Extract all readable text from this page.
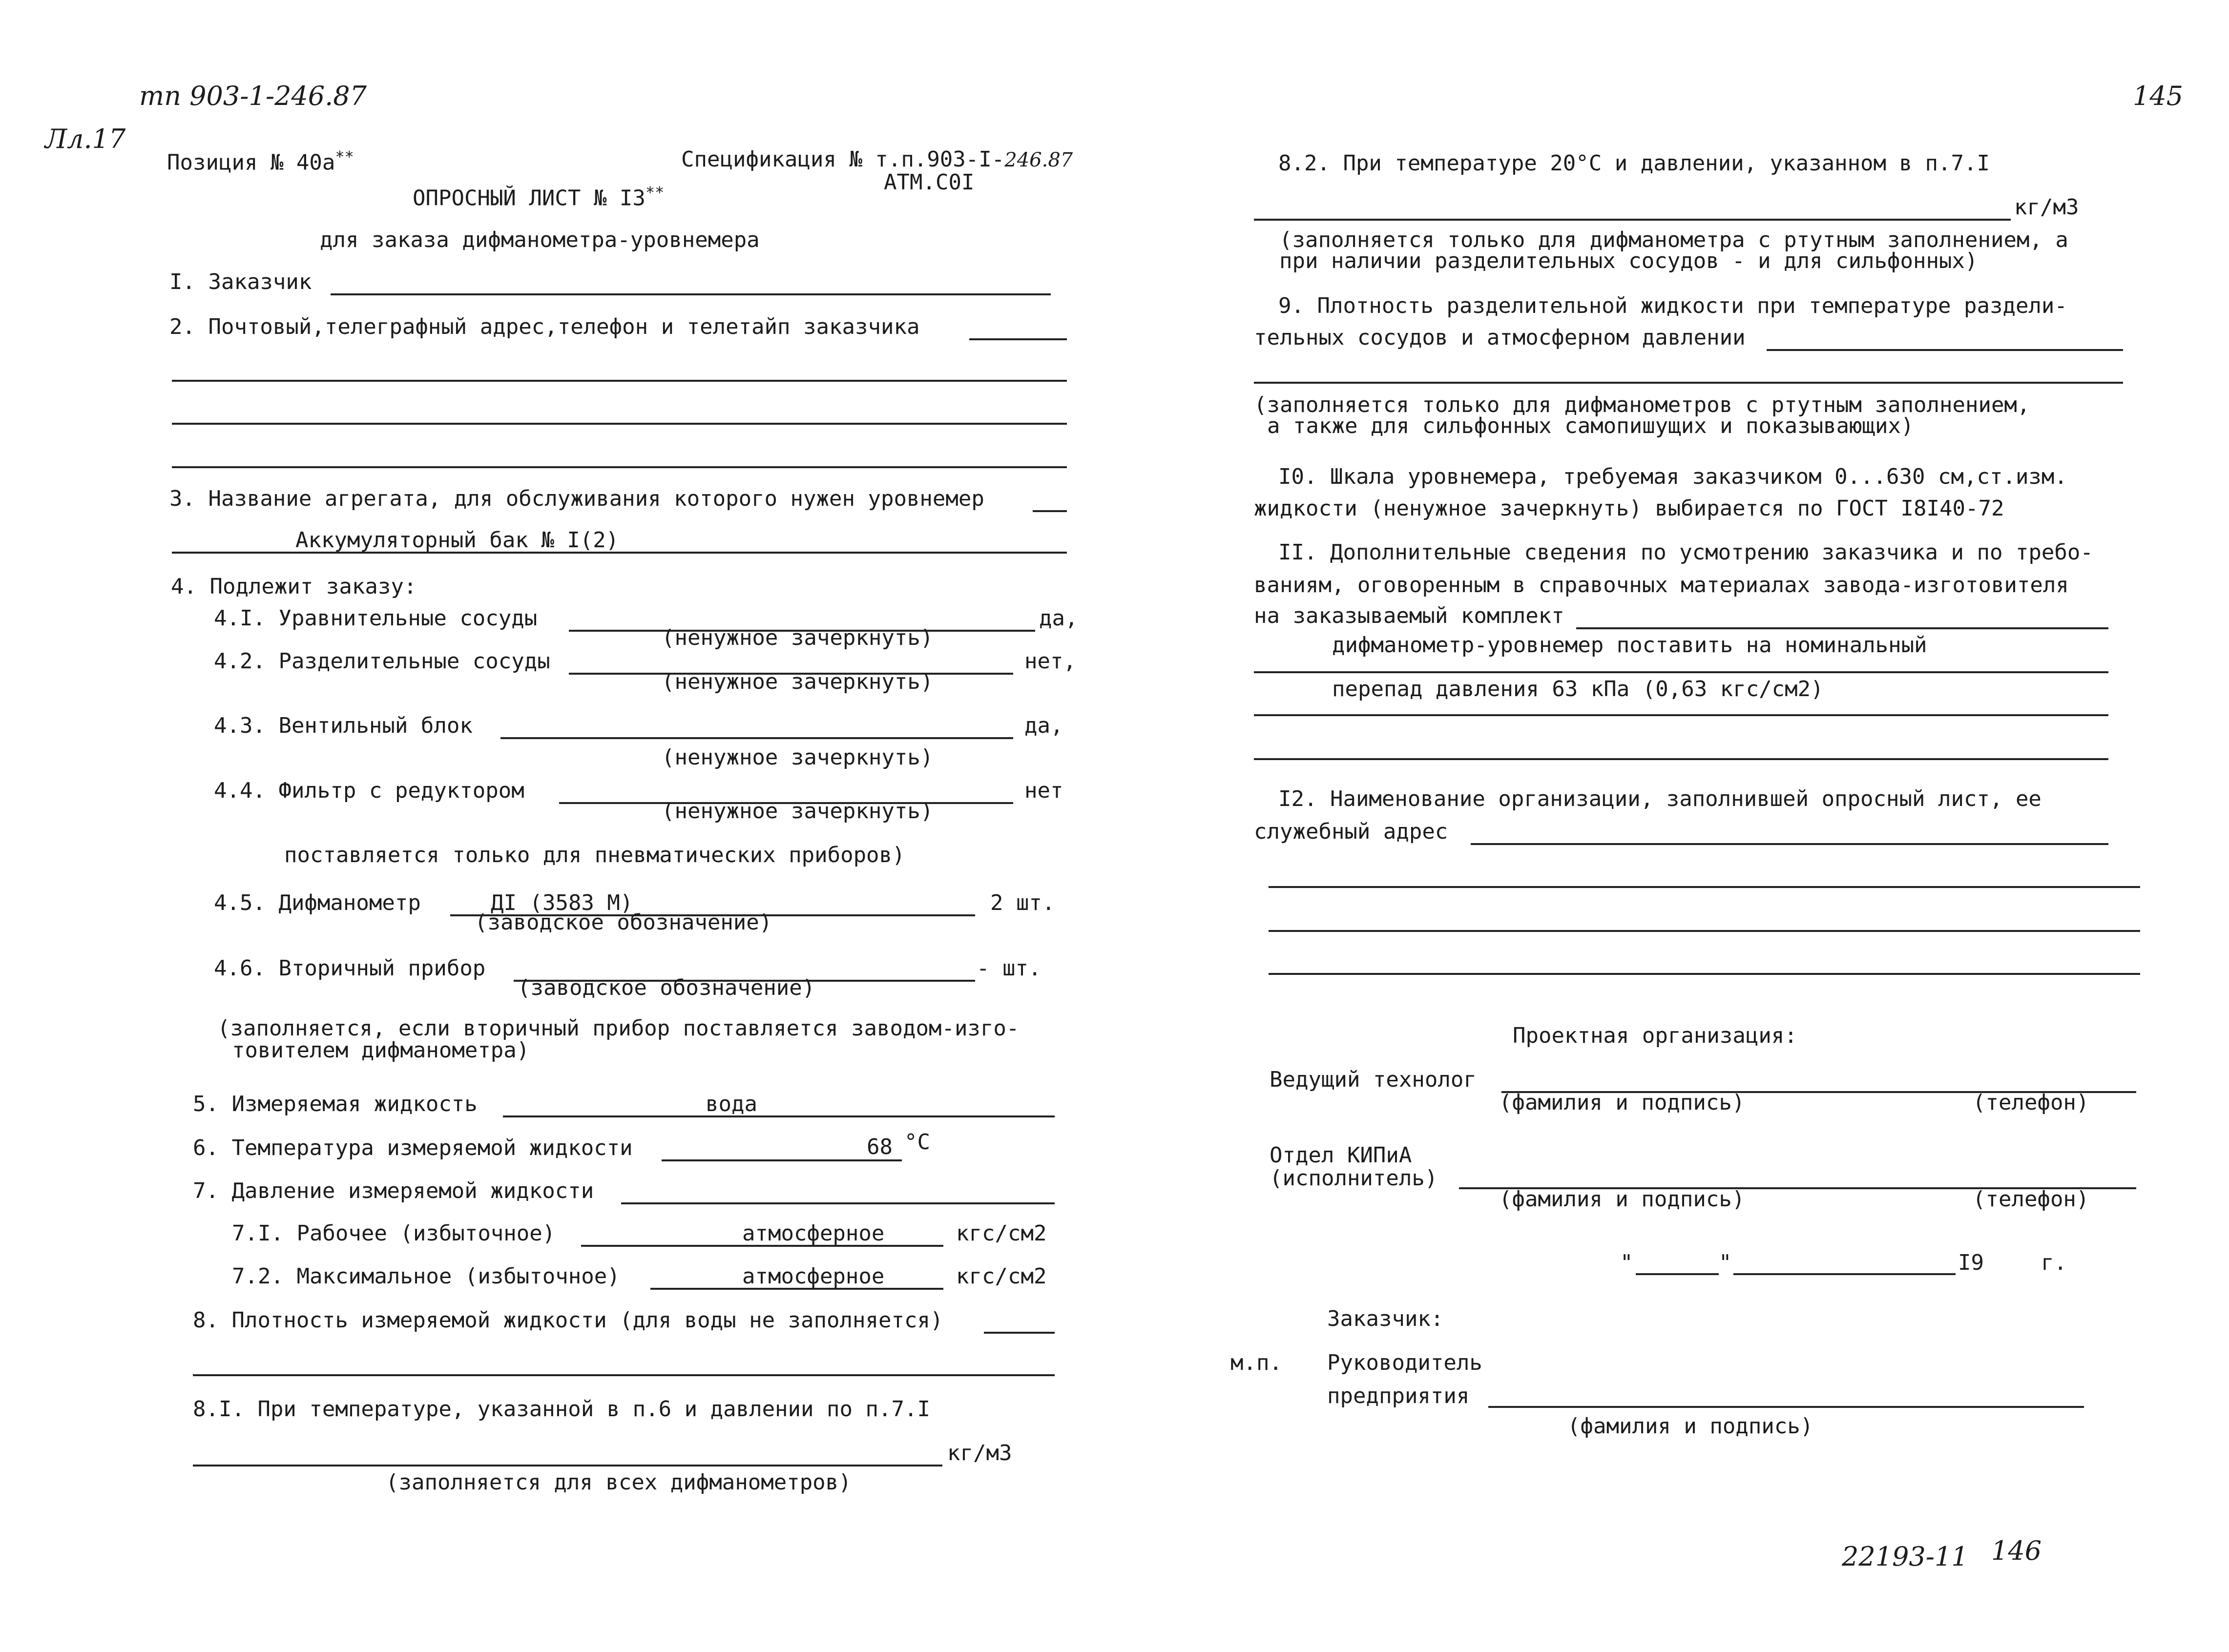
тп 903-1-246.87
Лл.17
145
22193-11 146
Позиция № 40а**	Спецификация № т.п.903-I-246.87
АТМ.С0I
ОПРОСНЫЙ ЛИСТ № I3**
для заказа дифманометра-уровнемера
I. Заказчик
2. Почтовый,телеграфный адрес,телефон и телетайп заказчика
3. Название агрегата, для обслуживания которого нужен уровнемер
Аккумуляторный бак № I(2)
4. Подлежит заказу:
4.I. Уравнительные сосуды	да,
(ненужное зачеркнуть)
4.2. Разделительные сосуды	нет,
(ненужное зачеркнуть)
4.3. Вентильный блок	да,
(ненужное зачеркнуть)
4.4. Фильтр с редуктором	нет
(ненужное зачеркнуть)
поставляется только для пневматических приборов)
4.5. Дифманометр	ДI (3583 М)	2 шт.
(заводское обозначение)
4.6. Вторичный прибор	- шт.
(заводское обозначение)
(заполняется, если вторичный прибор поставляется заводом-изго-
товителем дифманометра)
5. Измеряемая жидкость	вода
6. Температура измеряемой жидкости	68 °C
7. Давление измеряемой жидкости
7.I. Рабочее (избыточное)	атмосферное	кгс/см2
7.2. Максимальное (избыточное)	атмосферное	кгс/см2
8. Плотность измеряемой жидкости (для воды не заполняется)
8.I. При температуре, указанной в п.6 и давлении по п.7.I
кг/м3
(заполняется для всех дифманометров)
8.2. При температуре 20°С и давлении, указанном в п.7.I
кг/м3
(заполняется только для дифманометра с ртутным заполнением, а
при наличии разделительных сосудов - и для сильфонных)
9. Плотность разделительной жидкости при температуре раздели-
тельных сосудов и атмосферном давлении
(заполняется только для дифманометров с ртутным заполнением,
а также для сильфонных самопишущих и показывающих)
I0. Шкала уровнемера, требуемая заказчиком 0...630 см,ст.изм.
жидкости (ненужное зачеркнуть) выбирается по ГОСТ I8I40-72
II. Дополнительные сведения по усмотрению заказчика и по требо-
ваниям, оговоренным в справочных материалах завода-изготовителя
на заказываемый комплект
дифманометр-уровнемер поставить на номинальный
перепад давления 63 кПа (0,63 кгс/см2)
I2. Наименование организации, заполнившей опросный лист, ее
служебный адрес
Проектная организация:
Ведущий технолог
(фамилия и подпись)	(телефон)
Отдел КИПиА
(исполнитель)
(фамилия и подпись)	(телефон)
"	"	I9	г.
Заказчик:
м.п. Руководитель
предприятия
(фамилия и подпись)
